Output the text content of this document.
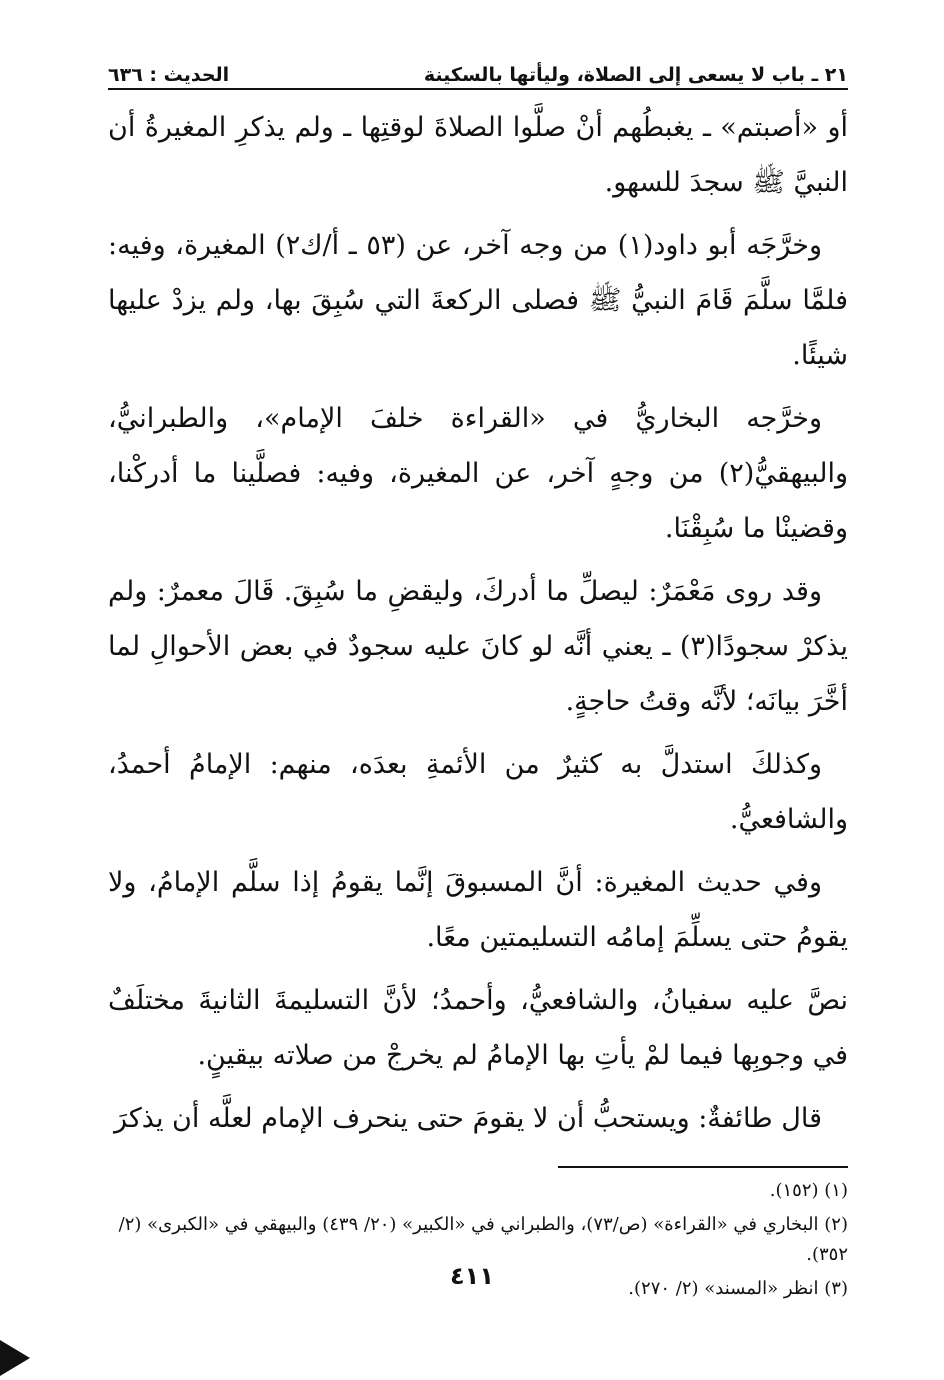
٢١ ـ باب لا يسعى إلى الصلاة، وليأتها بالسكينة
الحديث : ٦٣٦

أو «أصبتم» ـ يغبطُهم أنْ صلَّوا الصلاةَ لوقتِها ـ ولم يذكرِ المغيرةُ أن النبيَّ ﷺ سجدَ للسهو.

وخرَّجَه أبو داود(١) من وجه آخر، عن (٥٣ ـ أ/ك٢) المغيرة، وفيه: فلمَّا سلَّمَ قَامَ النبيُّ ﷺ فصلى الركعةَ التي سُبِقَ بها، ولم يزدْ عليها شيئًا.

وخرَّجه البخاريُّ في «القراءة خلفَ الإمام»، والطبرانيُّ، والبيهقيُّ(٢) من وجهٍ آخر، عن المغيرة، وفيه: فصلَّينا ما أدركْنا، وقضينْا ما سُبِقْنَا.

وقد روى مَعْمَرٌ: ليصلِّ ما أدركَ، وليقضِ ما سُبِقَ. قَالَ معمرٌ: ولم يذكرْ سجودًا(٣) ـ يعني أنَّه لو كانَ عليه سجودٌ في بعض الأحوالِ لما أخَّرَ بيانَه؛ لأنَّه وقتُ حاجةٍ.

وكذلكَ استدلَّ به كثيرٌ من الأئمةِ بعدَه، منهم: الإمامُ أحمدُ، والشافعيُّ.

وفي حديث المغيرة: أنَّ المسبوقَ إنَّما يقومُ إذا سلَّم الإمامُ، ولا يقومُ حتى يسلِّمَ إمامُه التسليمتين معًا.

نصَّ عليه سفيانُ، والشافعيُّ، وأحمدُ؛ لأنَّ التسليمةَ الثانيةَ مختلَفٌ في وجوبِها فيما لمْ يأتِ بها الإمامُ لم يخرجْ من صلاته بيقينٍ.

قال طائفةٌ: ويستحبُّ أن لا يقومَ حتى ينحرف الإمام لعلَّه أن يذكرَ

(١) (١٥٢).

(٢) البخاري في «القراءة» (ص/٧٣)، والطبراني في «الكبير» (٢٠/ ٤٣٩) والبيهقي في «الكبرى» (٢/ ٣٥٢).

(٣) انظر «المسند» (٢/ ٢٧٠).

٤١١
